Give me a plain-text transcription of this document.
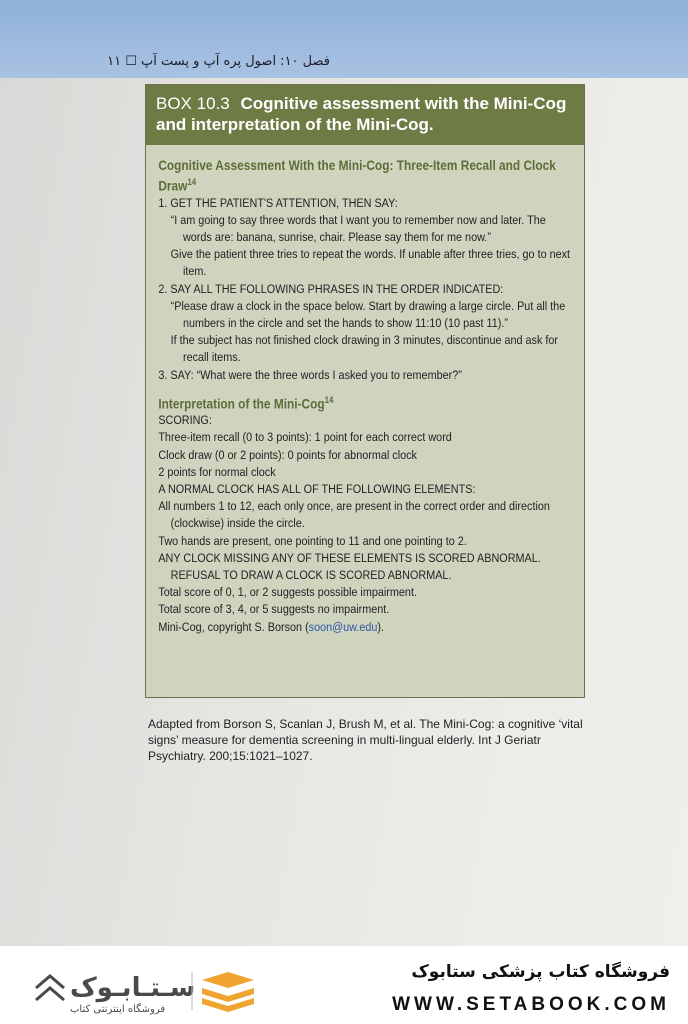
فصل ۱۰: اصول پره آپ و پست آپ ☐ ۱۱
BOX 10.3 Cognitive assessment with the Mini-Cog and interpretation of the Mini-Cog.
Cognitive Assessment With the Mini-Cog: Three-Item Recall and Clock Draw$^{14}$
1. GET THE PATIENT'S ATTENTION, THEN SAY:
“I am going to say three words that I want you to remember now and later. The words are: banana, sunrise, chair. Please say them for me now.”
Give the patient three tries to repeat the words. If unable after three tries, go to next item.
2. SAY ALL THE FOLLOWING PHRASES IN THE ORDER INDICATED:
“Please draw a clock in the space below. Start by drawing a large circle. Put all the numbers in the circle and set the hands to show 11:10 (10 past 11).”
If the subject has not finished clock drawing in 3 minutes, discontinue and ask for recall items.
3. SAY: “What were the three words I asked you to remember?”
Interpretation of the Mini-Cog$^{14}$
SCORING:
Three-item recall (0 to 3 points): 1 point for each correct word
Clock draw (0 or 2 points): 0 points for abnormal clock
2 points for normal clock
A NORMAL CLOCK HAS ALL OF THE FOLLOWING ELEMENTS:
All numbers 1 to 12, each only once, are present in the correct order and direction (clockwise) inside the circle.
Two hands are present, one pointing to 11 and one pointing to 2.
ANY CLOCK MISSING ANY OF THESE ELEMENTS IS SCORED ABNORMAL. REFUSAL TO DRAW A CLOCK IS SCORED ABNORMAL.
Total score of 0, 1, or 2 suggests possible impairment.
Total score of 3, 4, or 5 suggests no impairment.
Mini-Cog, copyright S. Borson (soon@uw.edu).
Adapted from Borson S, Scanlan J, Brush M, et al. The Mini-Cog: a cognitive ‘vital signs’ measure for dementia screening in multi-lingual elderly. Int J Geriatr Psychiatry. 200;15:1021–1027.
سـتـابـوک
فروشگاه اینترنتی کتاب
فروشگاه کتاب پزشکی ستابوک
WWW.SETABOOK.COM
